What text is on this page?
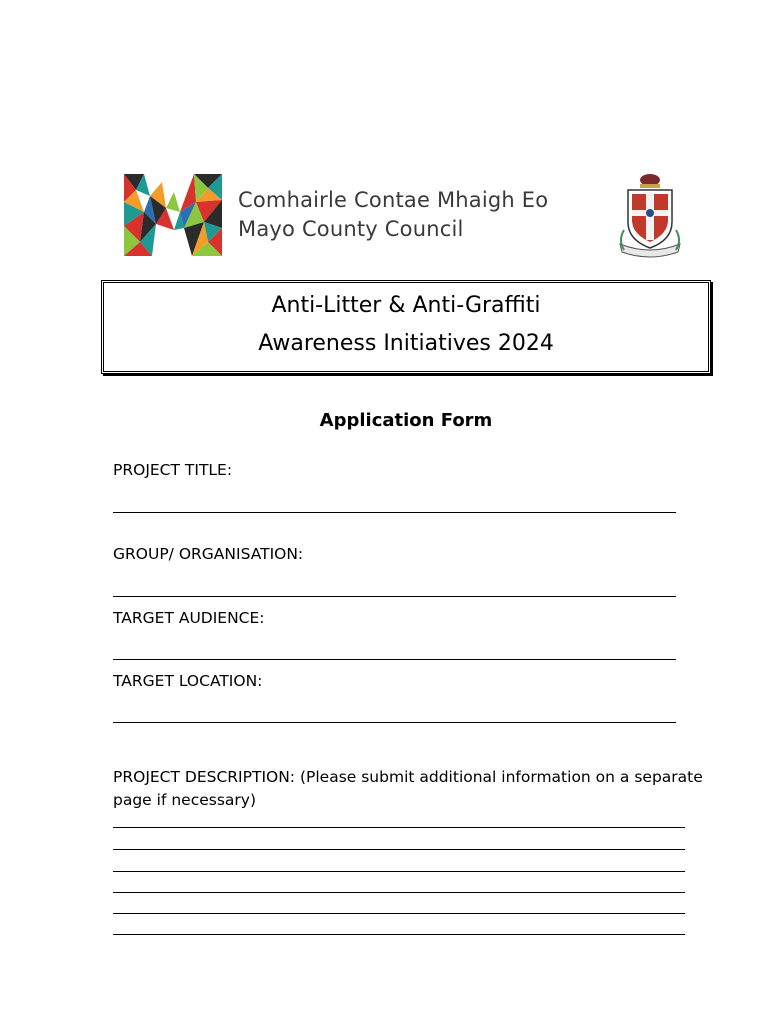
Comhairle Contae Mhaigh Eo
Mayo County Council
Anti-Litter & Anti-Graffiti
Awareness Initiatives 2024
Application Form
PROJECT TITLE:
GROUP/ ORGANISATION:
TARGET AUDIENCE:
TARGET LOCATION:
PROJECT DESCRIPTION: (Please submit additional information on a separate page if necessary)
